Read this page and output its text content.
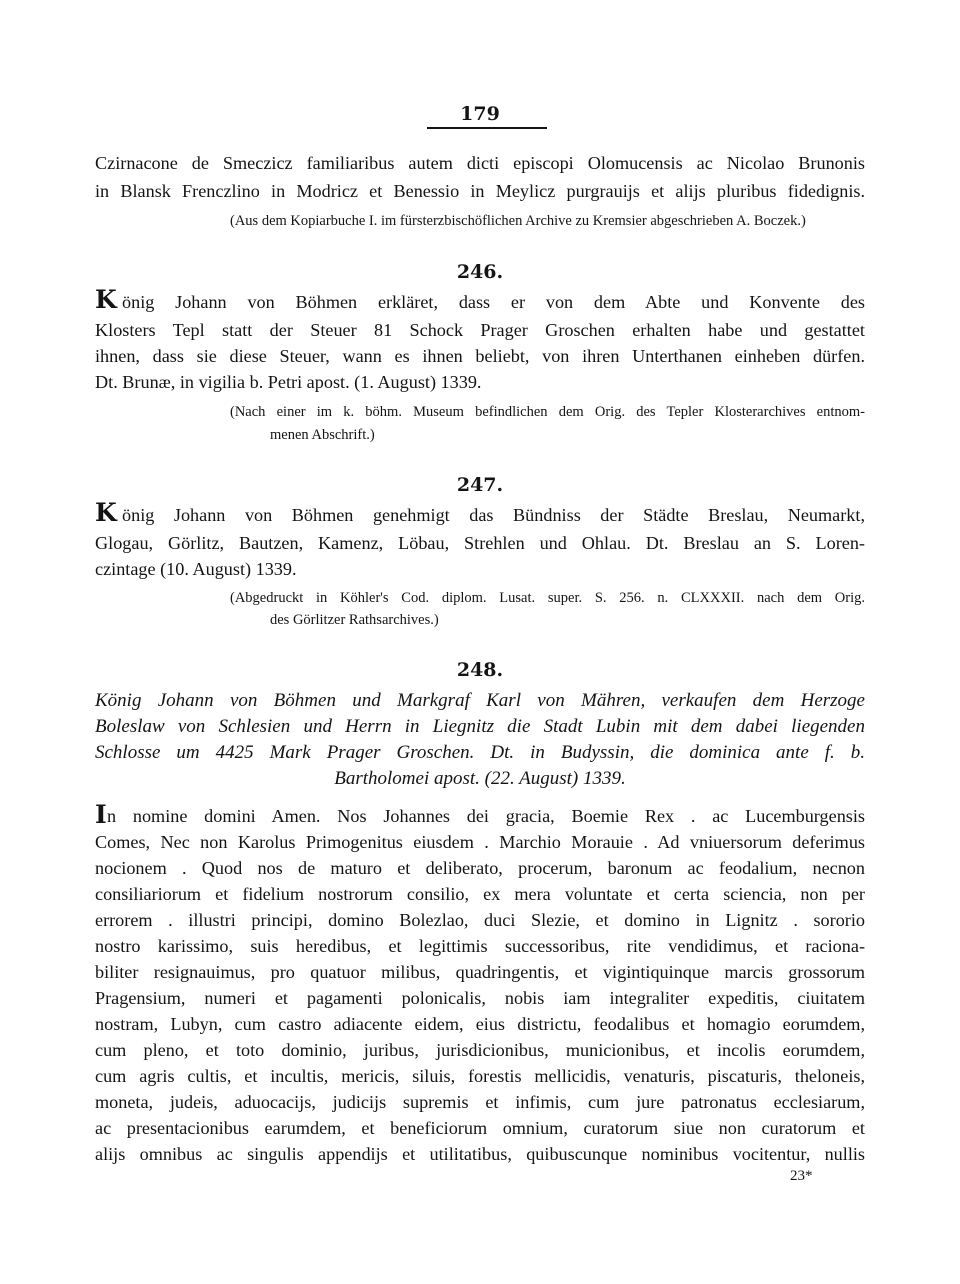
179
Czirnacone de Smeczicz familiaribus autem dicti episcopi Olomucensis ac Nicolao Brunonis
in Blansk Frenczlino in Modricz et Benessio in Meylicz purgrauijs et alijs pluribus fidedignis.
(Aus dem Kopiarbuche I. im fürsterzbischöflichen Archive zu Kremsier abgeschrieben A. Boczek.)
246.
K önig Johann von Böhmen erkläret, dass er von dem Abte und Konvente des
Klosters Tepl statt der Steuer 81 Schock Prager Groschen erhalten habe und gestattet
ihnen, dass sie diese Steuer, wann es ihnen beliebt, von ihren Unterthanen einheben dürfen.
Dt. Brunæ, in vigilia b. Petri apost. (1. August) 1339.
(Nach einer im k. böhm. Museum befindlichen dem Orig. des Tepler Klosterarchives entnom-
menen Abschrift.)
247.
K önig Johann von Böhmen genehmigt das Bündniss der Städte Breslau, Neumarkt,
Glogau, Görlitz, Bautzen, Kamenz, Löbau, Strehlen und Ohlau. Dt. Breslau an S. Loren-
czintage (10. August) 1339.
(Abgedruckt in Köhler's Cod. diplom. Lusat. super. S. 256. n. CLXXXII. nach dem Orig.
des Görlitzer Rathsarchives.)
248.
König Johann von Böhmen und Markgraf Karl von Mähren, verkaufen dem Herzoge
Boleslaw von Schlesien und Herrn in Liegnitz die Stadt Lubin mit dem dabei liegenden
Schlosse um 4425 Mark Prager Groschen. Dt. in Budyssin, die dominica ante f. b.
Bartholomei apost. (22. August) 1339.
I n nomine domini Amen. Nos Johannes dei gracia, Boemie Rex . ac Lucemburgensis
Comes, Nec non Karolus Primogenitus eiusdem . Marchio Morauie . Ad vniuersorum deferimus
nocionem . Quod nos de maturo et deliberato, procerum, baronum ac feodalium, necnon
consiliariorum et fidelium nostrorum consilio, ex mera voluntate et certa sciencia, non per
errorem . illustri principi, domino Bolezlao, duci Slezie, et domino in Lignitz . sororio
nostro karissimo, suis heredibus, et legittimis successoribus, rite vendidimus, et raciona-
biliter resignauimus, pro quatuor milibus, quadringentis, et vigintiquinque marcis grossorum
Pragensium, numeri et pagamenti polonicalis, nobis iam integraliter expeditis, ciuitatem
nostram, Lubyn, cum castro adiacente eidem, eius districtu, feodalibus et homagio eorumdem,
cum pleno, et toto dominio, juribus, jurisdicionibus, municionibus, et incolis eorumdem,
cum agris cultis, et incultis, mericis, siluis, forestis mellicidis, venaturis, piscaturis, theloneis,
moneta, judeis, aduocacijs, judicijs supremis et infimis, cum jure patronatus ecclesiarum,
ac presentacionibus earumdem, et beneficiorum omnium, curatorum siue non curatorum et
alijs omnibus ac singulis appendijs et utilitatibus, quibuscunque nominibus vocitentur, nullis
23*
